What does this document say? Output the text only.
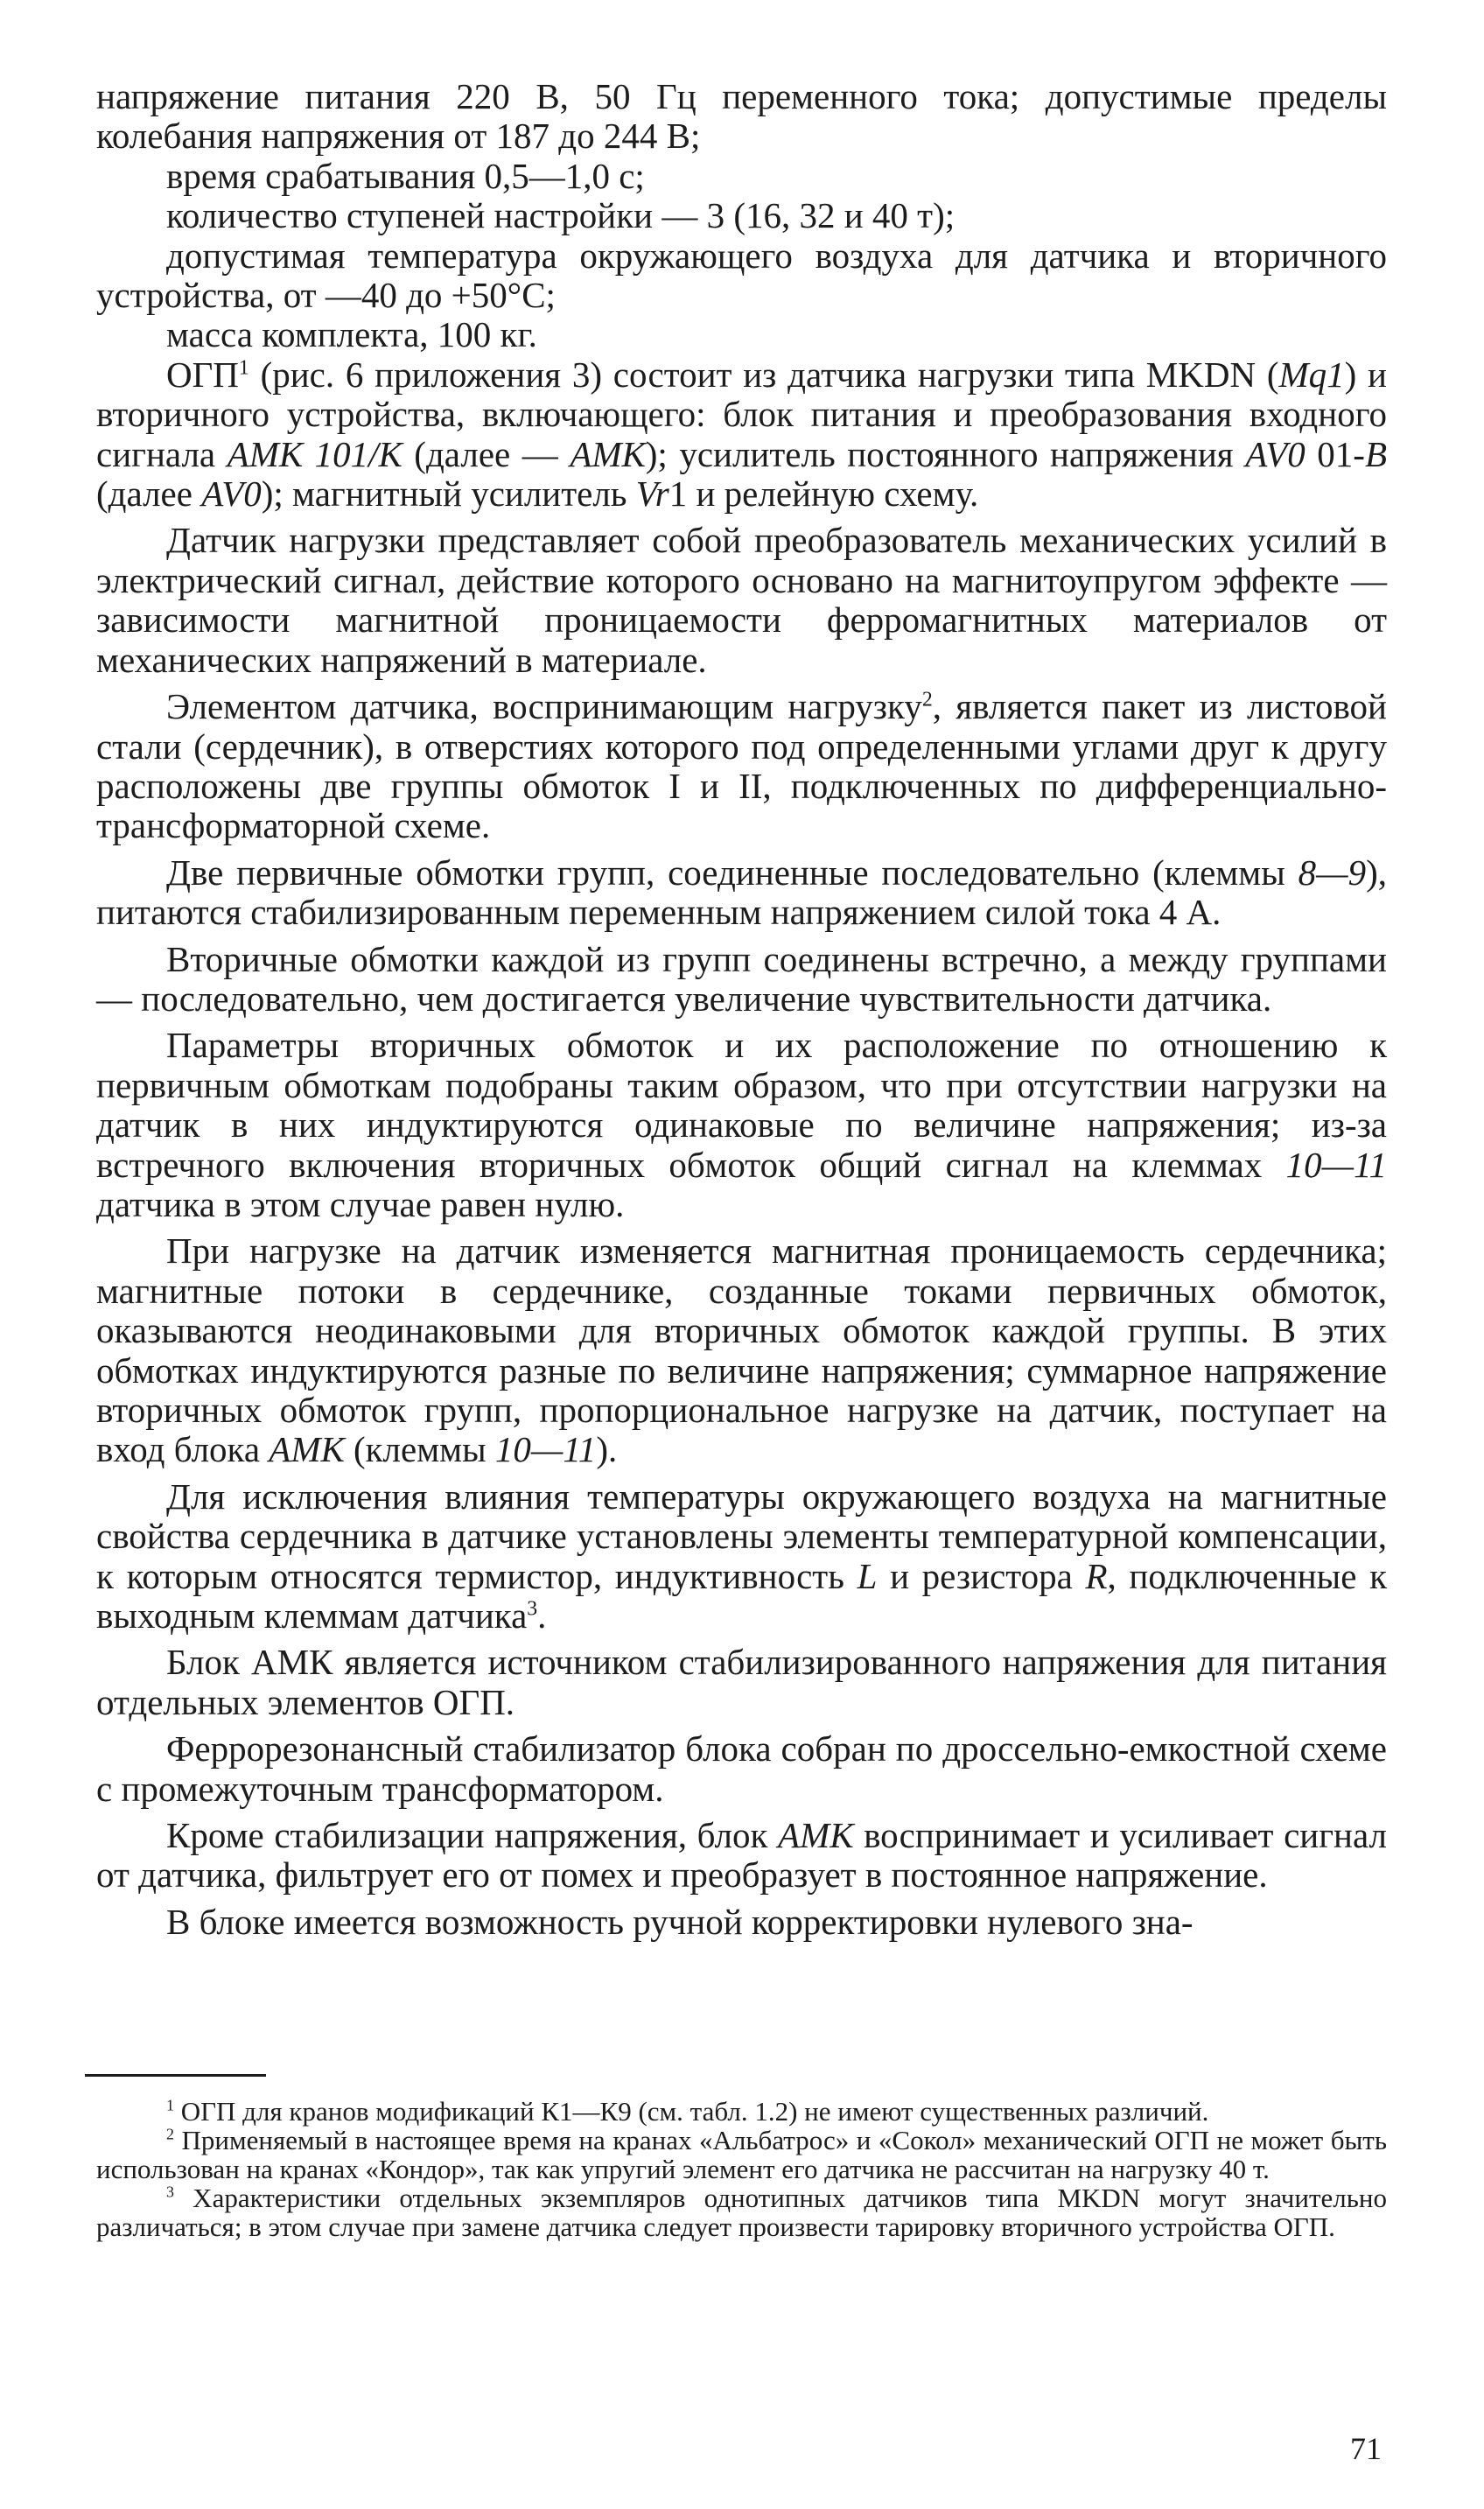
напряжение питания 220 В, 50 Гц переменного тока; допустимые пределы колебания напряжения от 187 до 244 В;

время срабатывания 0,5—1,0 с;

количество ступеней настройки — 3 (16, 32 и 40 т);

допустимая температура окружающего воздуха для датчика и вторичного устройства, от —40 до +50°С;

масса комплекта, 100 кг.

ОГП$^1$ (рис. 6 приложения 3) состоит из датчика нагрузки типа MKDN (Mq1) и вторичного устройства, включающего: блок питания и преобразования входного сигнала АМК 101/К (далее — АМК); усилитель постоянного напряжения AV0 01-В (далее AV0); магнитный усилитель Vr1 и релейную схему.

Датчик нагрузки представляет собой преобразователь механических усилий в электрический сигнал, действие которого основано на магнитоупругом эффекте — зависимости магнитной проницаемости ферромагнитных материалов от механических напряжений в материале.

Элементом датчика, воспринимающим нагрузку$^2$, является пакет из листовой стали (сердечник), в отверстиях которого под определенными углами друг к другу расположены две группы обмоток I и II, подключенных по дифференциально-трансформаторной схеме.

Две первичные обмотки групп, соединенные последовательно (клеммы 8—9), питаются стабилизированным переменным напряжением силой тока 4 А.

Вторичные обмотки каждой из групп соединены встречно, а между группами — последовательно, чем достигается увеличение чувствительности датчика.

Параметры вторичных обмоток и их расположение по отношению к первичным обмоткам подобраны таким образом, что при отсутствии нагрузки на датчик в них индуктируются одинаковые по величине напряжения; из-за встречного включения вторичных обмоток общий сигнал на клеммах 10—11 датчика в этом случае равен нулю.

При нагрузке на датчик изменяется магнитная проницаемость сердечника; магнитные потоки в сердечнике, созданные токами первичных обмоток, оказываются неодинаковыми для вторичных обмоток каждой группы. В этих обмотках индуктируются разные по величине напряжения; суммарное напряжение вторичных обмоток групп, пропорциональное нагрузке на датчик, поступает на вход блока АМК (клеммы 10—11).

Для исключения влияния температуры окружающего воздуха на магнитные свойства сердечника в датчике установлены элементы температурной компенсации, к которым относятся термистор, индуктивность L и резистора R, подключенные к выходным клеммам датчика$^3$.

Блок АМК является источником стабилизированного напряжения для питания отдельных элементов ОГП.

Феррорезонансный стабилизатор блока собран по дроссельно-емкостной схеме с промежуточным трансформатором.

Кроме стабилизации напряжения, блок АМК воспринимает и усиливает сигнал от датчика, фильтрует его от помех и преобразует в постоянное напряжение.

В блоке имеется возможность ручной корректировки нулевого зна-

$^1$ ОГП для кранов модификаций К1—К9 (см. табл. 1.2) не имеют существенных различий.

$^2$ Применяемый в настоящее время на кранах «Альбатрос» и «Сокол» механический ОГП не может быть использован на кранах «Кондор», так как упругий элемент его датчика не рассчитан на нагрузку 40 т.

$^3$ Характеристики отдельных экземпляров однотипных датчиков типа MKDN могут значительно различаться; в этом случае при замене датчика следует произвести тарировку вторичного устройства ОГП.

71
